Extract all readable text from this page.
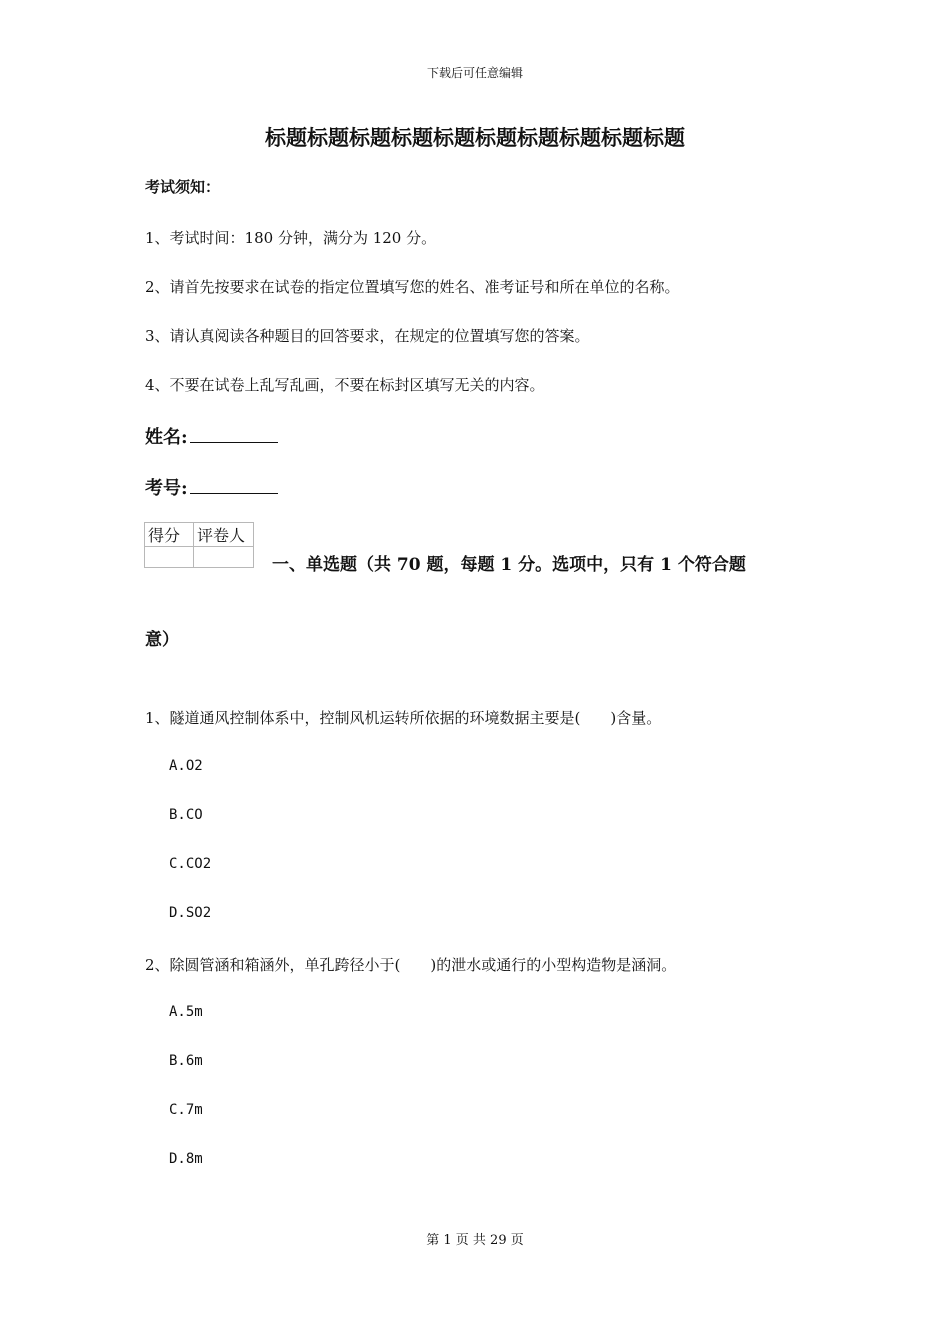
下载后可任意编辑
标题标题标题标题标题标题标题标题标题标题
考试须知：
1、考试时间：180 分钟，满分为 120 分。
2、请首先按要求在试卷的指定位置填写您的姓名、准考证号和所在单位的名称。
3、请认真阅读各种题目的回答要求，在规定的位置填写您的答案。
4、不要在试卷上乱写乱画，不要在标封区填写无关的内容。
姓名:
考号:
得分	评卷人

一、单选题（共 70 题，每题 1 分。选项中，只有 1 个符合题
意）
1、隧道通风控制体系中，控制风机运转所依据的环境数据主要是(　　)含量。
A.O2
B.CO
C.CO2
D.SO2
2、除圆管涵和箱涵外，单孔跨径小于(　　)的泄水或通行的小型构造物是涵洞。
A.5m
B.6m
C.7m
D.8m
第 1 页 共 29 页
